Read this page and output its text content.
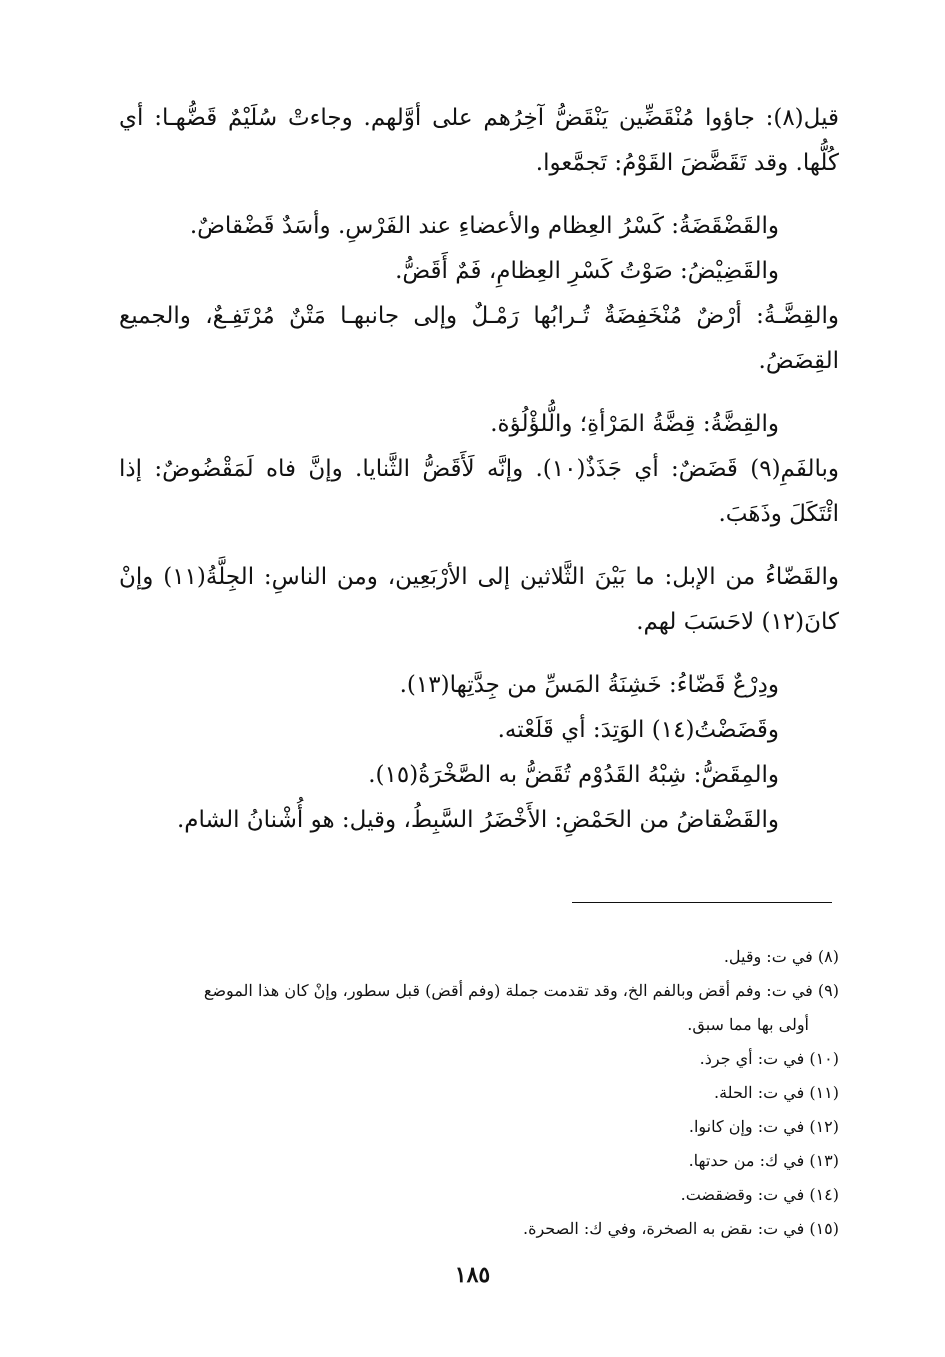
قيل(٨): جاؤوا مُنْقَضِّين يَنْقَضُّ آخِرُهم على أوَّلهم. وجاءتْ سُلَيْمٌ قَضُّهـا: أي كُلُّها. وقد تَقَضَّضَ القَوْمُ: تَجمَّعوا.

والقَضْقَضَةُ: كَسْرُ العِظام والأعضاءِ عند الفَرْسِ. وأسَدٌ قَضْقاضٌ.

والقَضِيْضُ: صَوْتُ كَسْرِ العِظامِ، فَمٌ أَقَضُّ.

والقِضَّـةُ: أرْضٌ مُنْخَفِضَةٌ تُـرابُها رَمْـلٌ وإلى جانبهـا مَتْنٌ مُرْتَفِـعٌ، والجميع القِضَضُ.

والقِضَّةُ: قِضَّةُ المَرْأةِ؛ والُّلؤْلُؤة.

وبالفَمِ(٩) قَضَضٌ: أي جَذَذٌ(١٠). وإنَّه لَأَقَضُّ الثَّنايا. وإنَّ فاه لَمَقْضُوضٌ: إذا ائْتَكَلَ وذَهَبَ.

والقَضّاءُ من الإبل: ما بَيْنَ الثَّلاثين إلى الأرْبَعِين، ومن الناسِ: الجِلَّةُ(١١) وإنْ كانَ(١٢) لاحَسَبَ لهم.

ودِرْعٌ قَضّاءُ: خَشِنَةُ المَسِّ من جِدَّتِها(١٣).

وقَضَضْتُ(١٤) الوَتِدَ: أي قَلَعْته.

والمِقَضُّ: شِبْهُ القَدُوْم تُقَضُّ به الصَّخْرَةُ(١٥).

والقَضْقاضُ من الحَمْضِ: الأَخْضَرُ السَّبِطُ، وقيل: هو أُشْنانُ الشام.

(٨) في ت: وقيل.

(٩) في ت: وفم أقض وبالفم الخ، وقد تقدمت جملة (وفم أقض) قبل سطور، وإنْ كان هذا الموضع

أولى بها مما سبق.

(١٠) في ت: أي جرذ.

(١١) في ت: الحلة.

(١٢) في ت: وإن كانوا.

(١٣) في ك: من حدتها.

(١٤) في ت: وقضقضت.

(١٥) في ت: ىقض به الصخرة، وفي ك: الصحرة.

١٨٥
